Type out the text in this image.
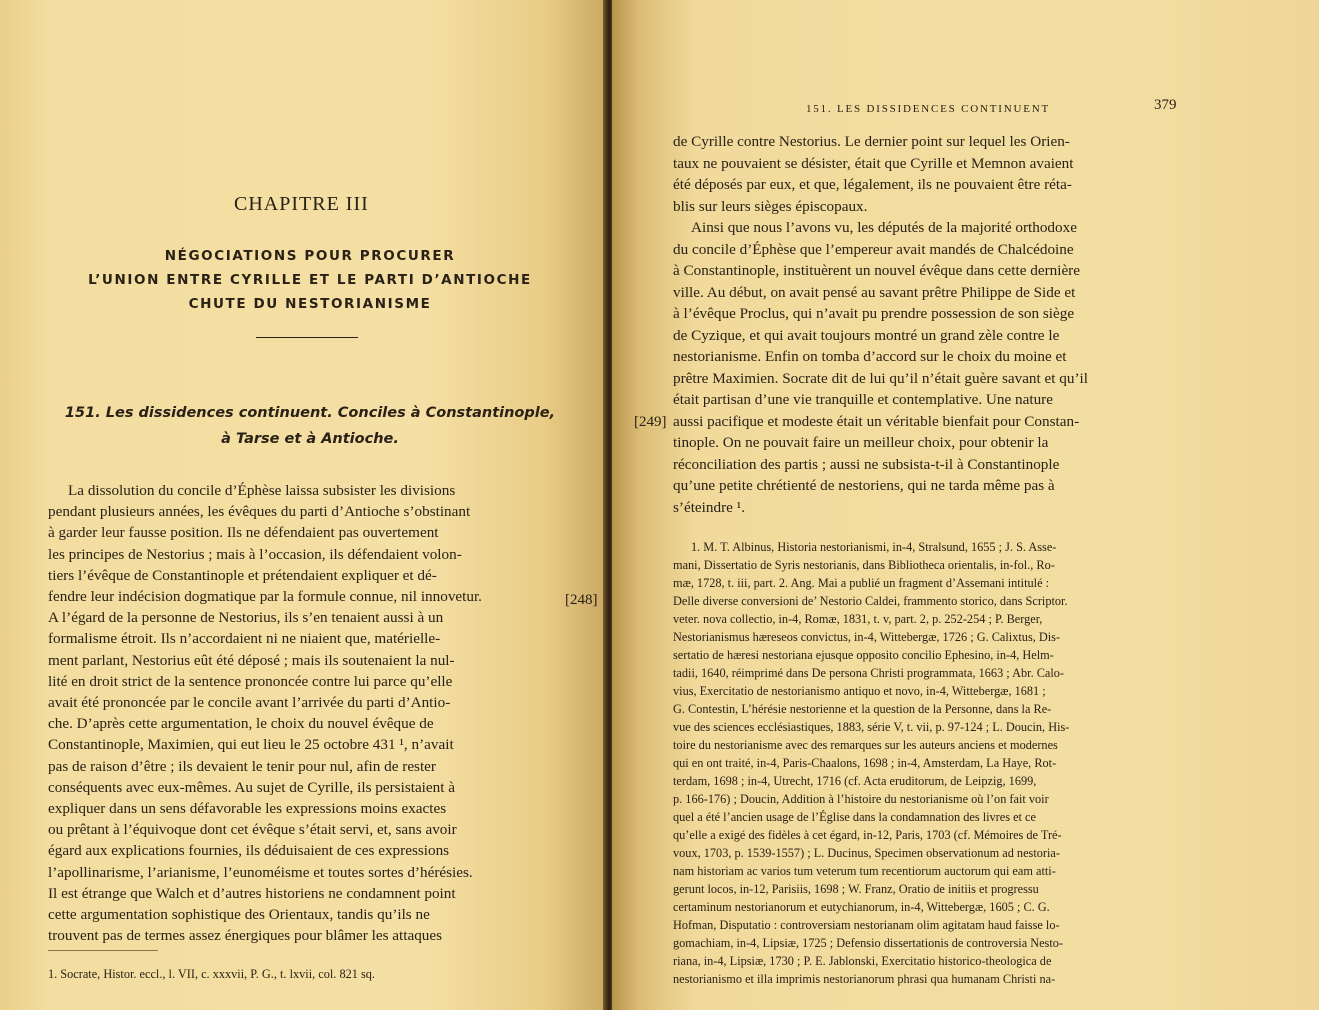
CHAPITRE III
NÉGOCIATIONS POUR PROCURER
L’UNION ENTRE CYRILLE ET LE PARTI D’ANTIOCHE
CHUTE DU NESTORIANISME
151. Les dissidences continuent. Conciles à Constantinople,
à Tarse et à Antioche.
La dissolution du concile d’Éphèse laissa subsister les divisions
pendant plusieurs années, les évêques du parti d’Antioche s’obstinant
à garder leur fausse position. Ils ne défendaient pas ouvertement
les principes de Nestorius ; mais à l’occasion, ils défendaient volon-
tiers l’évêque de Constantinople et prétendaient expliquer et dé-
fendre leur indécision dogmatique par la formule connue, nil innovetur.
A l’égard de la personne de Nestorius, ils s’en tenaient aussi à un
formalisme étroit. Ils n’accordaient ni ne niaient que, matérielle-
ment parlant, Nestorius eût été déposé ; mais ils soutenaient la nul-
lité en droit strict de la sentence prononcée contre lui parce qu’elle
avait été prononcée par le concile avant l’arrivée du parti d’Antio-
che. D’après cette argumentation, le choix du nouvel évêque de
Constantinople, Maximien, qui eut lieu le 25 octobre 431 ¹, n’avait
pas de raison d’être ; ils devaient le tenir pour nul, afin de rester
conséquents avec eux-mêmes. Au sujet de Cyrille, ils persistaient à
expliquer dans un sens défavorable les expressions moins exactes
ou prêtant à l’équivoque dont cet évêque s’était servi, et, sans avoir
égard aux explications fournies, ils déduisaient de ces expressions
l’apollinarisme, l’arianisme, l’eunoméisme et toutes sortes d’hérésies.
Il est étrange que Walch et d’autres historiens ne condamnent point
cette argumentation sophistique des Orientaux, tandis qu’ils ne
trouvent pas de termes assez énergiques pour blâmer les attaques
1. Socrate, Histor. eccl., l. VII, c. xxxvii, P. G., t. lxvii, col. 821 sq.
[248]
151. LES DISSIDENCES CONTINUENT	379
de Cyrille contre Nestorius. Le dernier point sur lequel les Orien-
taux ne pouvaient se désister, était que Cyrille et Memnon avaient
été déposés par eux, et que, légalement, ils ne pouvaient être réta-
blis sur leurs sièges épiscopaux.
Ainsi que nous l’avons vu, les députés de la majorité orthodoxe
du concile d’Éphèse que l’empereur avait mandés de Chalcédoine
à Constantinople, instituèrent un nouvel évêque dans cette dernière
ville. Au début, on avait pensé au savant prêtre Philippe de Side et
à l’évêque Proclus, qui n’avait pu prendre possession de son siège
de Cyzique, et qui avait toujours montré un grand zèle contre le
nestorianisme. Enfin on tomba d’accord sur le choix du moine et
prêtre Maximien. Socrate dit de lui qu’il n’était guère savant et qu’il
était partisan d’une vie tranquille et contemplative. Une nature
aussi pacifique et modeste était un véritable bienfait pour Constan-
tinople. On ne pouvait faire un meilleur choix, pour obtenir la
réconciliation des partis ; aussi ne subsista-t-il à Constantinople
qu’une petite chrétienté de nestoriens, qui ne tarda même pas à
s’éteindre ¹.
1. M. T. Albinus, Historia nestorianismi, in-4, Stralsund, 1655 ; J. S. Asse-
mani, Dissertatio de Syris nestorianis, dans Bibliotheca orientalis, in-fol., Ro-
mæ, 1728, t. iii, part. 2. Ang. Mai a publié un fragment d’Assemani intitulé :
Delle diverse conversioni de’ Nestorio Caldei, frammento storico, dans Scriptor.
veter. nova collectio, in-4, Romæ, 1831, t. v, part. 2, p. 252-254 ; P. Berger,
Nestorianismus hæreseos convictus, in-4, Wittebergæ, 1726 ; G. Calixtus, Dis-
sertatio de hæresi nestoriana ejusque opposito concilio Ephesino, in-4, Helm-
tadii, 1640, réimprimé dans De persona Christi programmata, 1663 ; Abr. Calo-
vius, Exercitatio de nestorianismo antiquo et novo, in-4, Wittebergæ, 1681 ;
G. Contestin, L’hérésie nestorienne et la question de la Personne, dans la Re-
vue des sciences ecclésiastiques, 1883, série V, t. vii, p. 97-124 ; L. Doucin, His-
toire du nestorianisme avec des remarques sur les auteurs anciens et modernes
qui en ont traité, in-4, Paris-Chaalons, 1698 ; in-4, Amsterdam, La Haye, Rot-
terdam, 1698 ; in-4, Utrecht, 1716 (cf. Acta eruditorum, de Leipzig, 1699,
p. 166-176) ; Doucin, Addition à l’histoire du nestorianisme où l’on fait voir
quel a été l’ancien usage de l’Église dans la condamnation des livres et ce
qu’elle a exigé des fidèles à cet égard, in-12, Paris, 1703 (cf. Mémoires de Tré-
voux, 1703, p. 1539-1557) ; L. Ducinus, Specimen observationum ad nestoria-
nam historiam ac varios tum veterum tum recentiorum auctorum qui eam atti-
gerunt locos, in-12, Parisiis, 1698 ; W. Franz, Oratio de initiis et progressu
certaminum nestorianorum et eutychianorum, in-4, Wittebergæ, 1605 ; C. G.
Hofman, Disputatio : controversiam nestorianam olim agitatam haud faisse lo-
gomachiam, in-4, Lipsiæ, 1725 ; Defensio dissertationis de controversia Nesto-
riana, in-4, Lipsiæ, 1730 ; P. E. Jablonski, Exercitatio historico-theologica de
nestorianismo et illa imprimis nestorianorum phrasi qua humanam Christi na-
[249]
